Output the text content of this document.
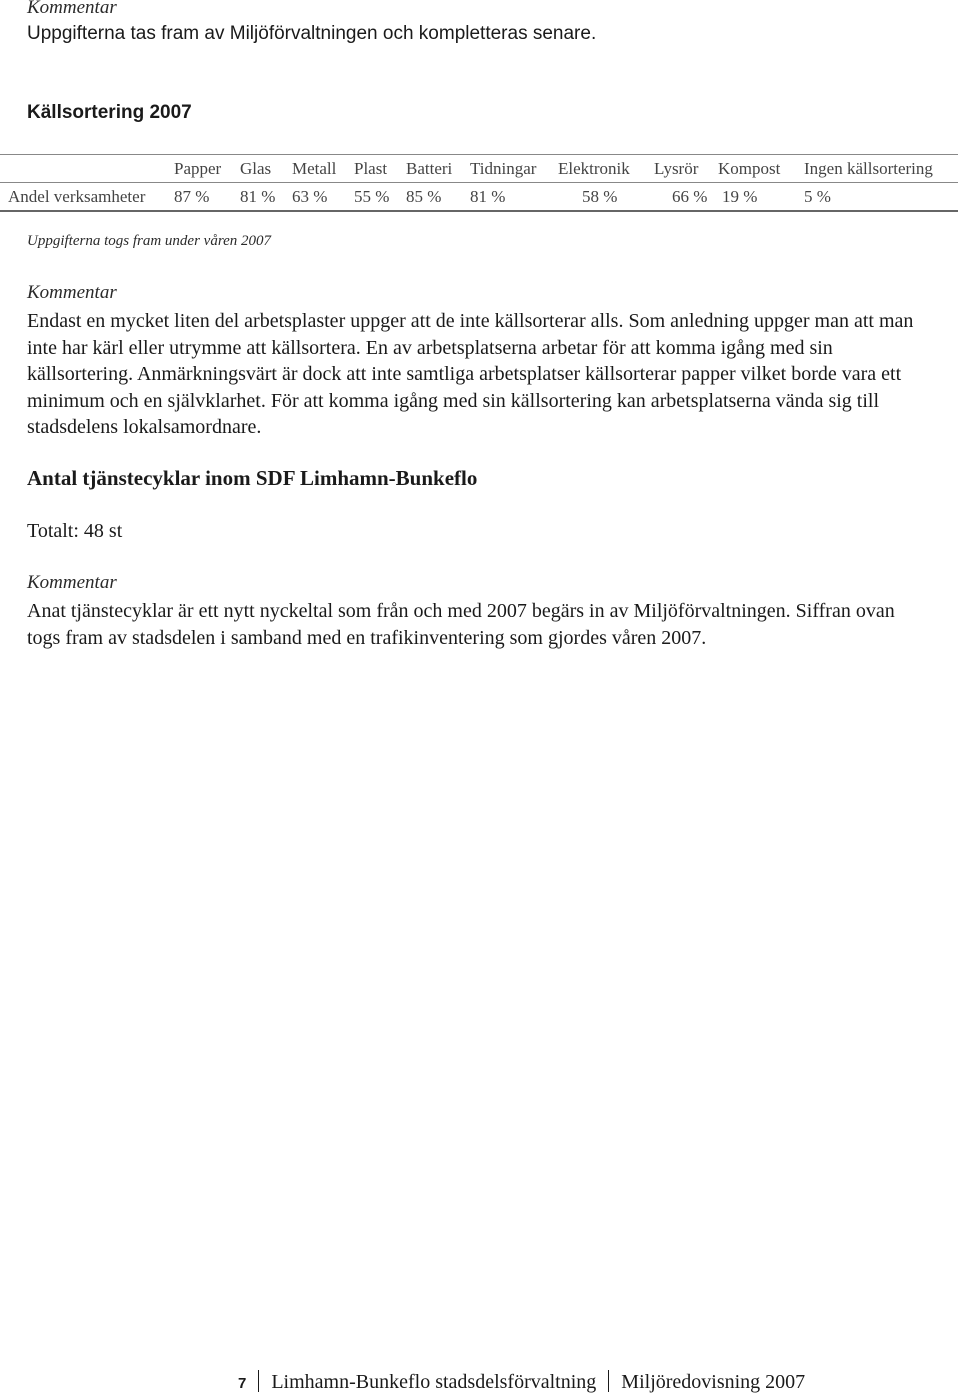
Kommentar
Uppgifterna tas fram av Miljöförvaltningen och kompletteras senare.
Källsortering 2007
	Papper	Glas	Metall	Plast	Batteri	Tidningar	Elektronik	Lysrör	Kompost	Ingen källsortering
Andel verksamheter	87 %	81 %	63 %	55 %	85 %	81 %	58 %	66 %	19 %	5 %
Uppgifterna togs fram under våren 2007
Kommentar
Endast en mycket liten del arbetsplaster uppger att de inte källsorterar alls. Som anledning uppger man att man inte har kärl eller utrymme att källsortera. En av arbetsplatserna arbetar för att komma igång med sin källsortering. Anmärkningsvärt är dock att inte samtliga arbetsplatser källsorterar papper vilket borde vara ett minimum och en självklarhet. För att komma igång med sin källsortering kan arbetsplatserna vända sig till stadsdelens lokalsamordnare.
Antal tjänstecyklar inom SDF Limhamn-Bunkeflo
Totalt: 48 st
Kommentar
Anat tjänstecyklar är ett nytt nyckeltal som från och med 2007 begärs in av Miljöförvaltningen. Siffran ovan togs fram av stadsdelen i samband med en trafikinventering som gjordes våren 2007.
7 Limhamn-Bunkeflo stadsdelsförvaltning Miljöredovisning 2007
